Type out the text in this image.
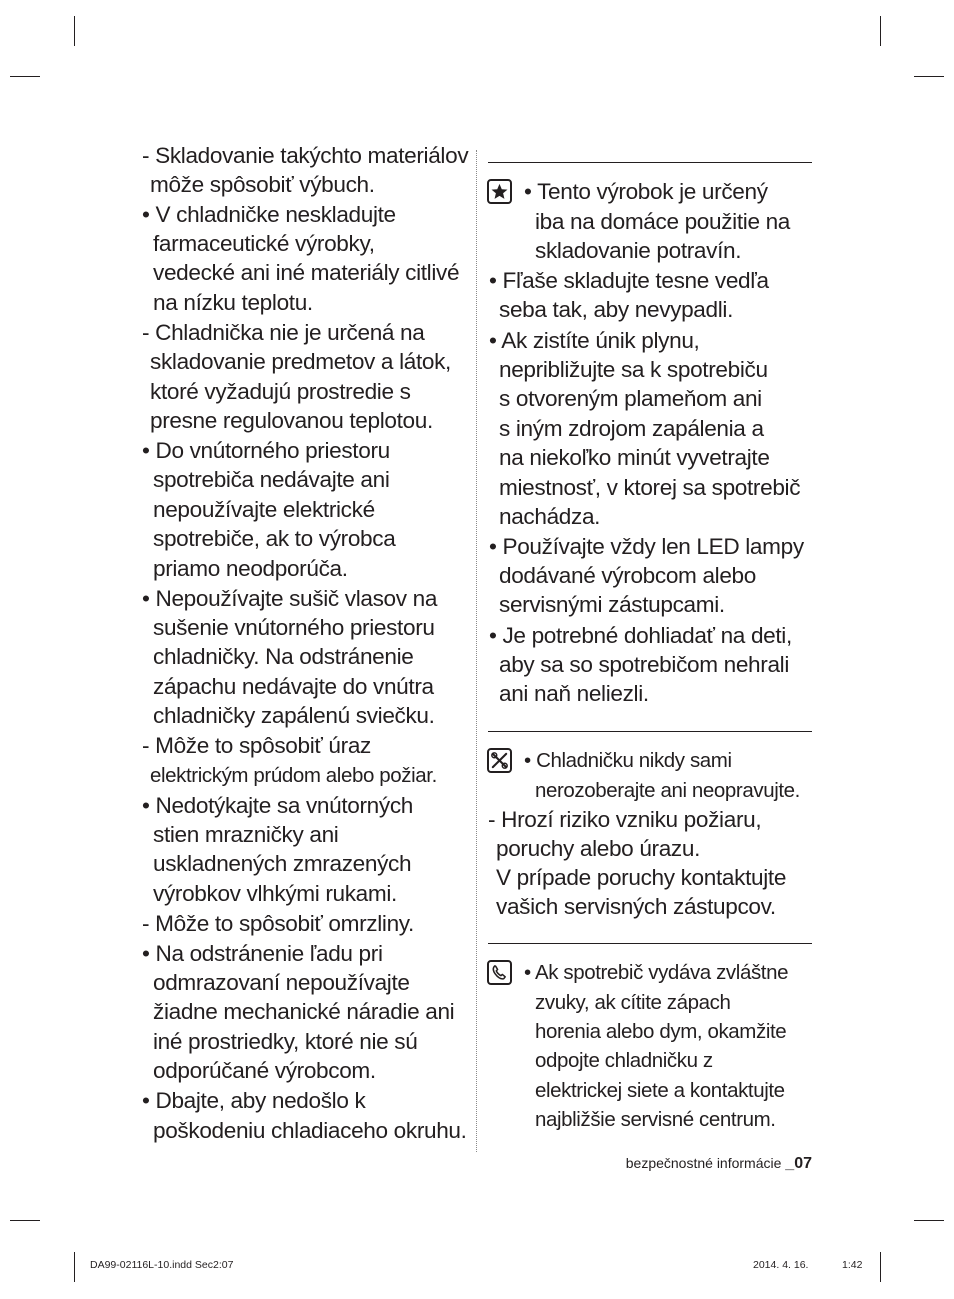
- Skladovanie takýchto materiálov
môže spôsobiť výbuch.
• V chladničke neskladujte
farmaceutické výrobky,
vedecké ani iné materiály citlivé
na nízku teplotu.
- Chladnička nie je určená na
skladovanie predmetov a látok,
ktoré vyžadujú prostredie s
presne regulovanou teplotou.
• Do vnútorného priestoru
spotrebiča nedávajte ani
nepoužívajte elektrické
spotrebiče, ak to výrobca
priamo neodporúča.
• Nepoužívajte sušič vlasov na
sušenie vnútorného priestoru
chladničky. Na odstránenie
zápachu nedávajte do vnútra
chladničky zapálenú sviečku.
- Môže to spôsobiť úraz
elektrickým prúdom alebo požiar.
• Nedotýkajte sa vnútorných
stien mrazničky ani
uskladnených zmrazených
výrobkov vlhkými rukami.
- Môže to spôsobiť omrzliny.
• Na odstránenie ľadu pri
odmrazovaní nepoužívajte
žiadne mechanické náradie ani
iné prostriedky, ktoré nie sú
odporúčané výrobcom.
• Dbajte, aby nedošlo k
poškodeniu chladiaceho okruhu.
• Tento výrobok je určený
iba na domáce použitie na
skladovanie potravín.
• Fľaše skladujte tesne vedľa
seba tak, aby nevypadli.
• Ak zistíte únik plynu,
nepribližujte sa k spotrebiču
s otvoreným plameňom ani
s iným zdrojom zapálenia a
na niekoľko minút vyvetrajte
miestnosť, v ktorej sa spotrebič
nachádza.
• Používajte vždy len LED lampy
dodávané výrobcom alebo
servisnými zástupcami.
• Je potrebné dohliadať na deti,
aby sa so spotrebičom nehrali
ani naň neliezli.
• Chladničku nikdy sami
nerozoberajte ani neopravujte.
- Hrozí riziko vzniku požiaru,
poruchy alebo úrazu.
V prípade poruchy kontaktujte
vašich servisných zástupcov.
• Ak spotrebič vydáva zvláštne
zvuky, ak cítite zápach
horenia alebo dym, okamžite
odpojte chladničku z
elektrickej siete a kontaktujte
najbližšie servisné centrum.
bezpečnostné informácie _07
DA99-02116L-10.indd Sec2:07	2014. 4. 16.	1:42
